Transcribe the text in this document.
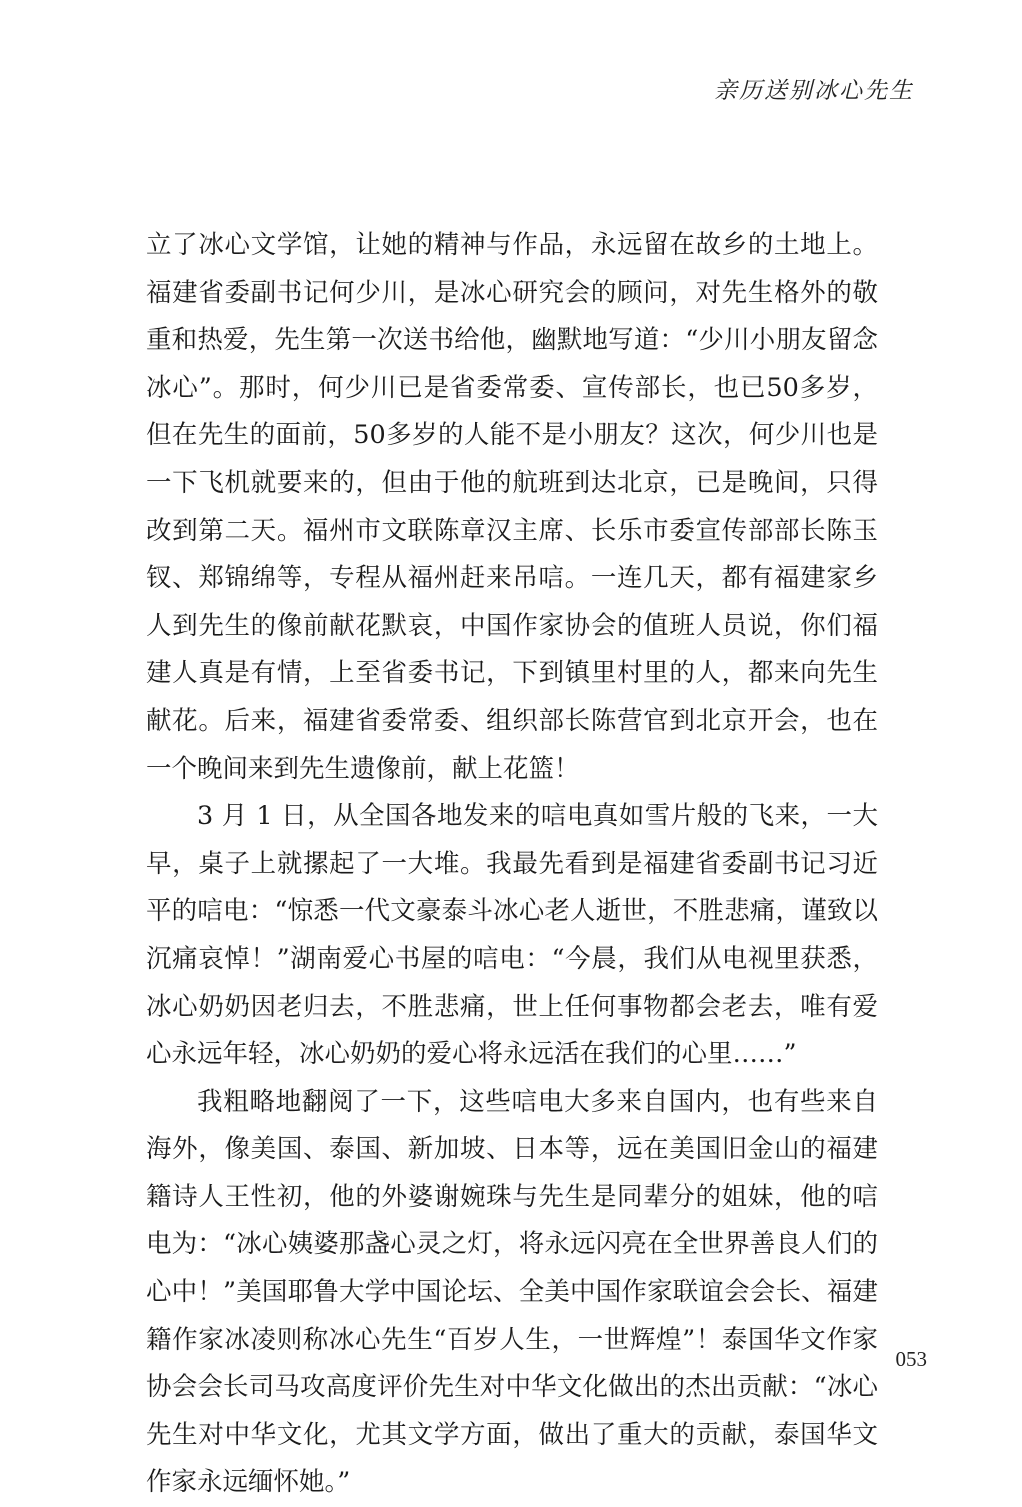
亲历送别冰心先生

立了冰心文学馆，让她的精神与作品，永远留在故乡的土地上。福建省委副书记何少川，是冰心研究会的顾问，对先生格外的敬重和热爱，先生第一次送书给他，幽默地写道：“少川小朋友留念冰心”。那时，何少川已是省委常委、宣传部长，也已50多岁，但在先生的面前，50多岁的人能不是小朋友？这次，何少川也是一下飞机就要来的，但由于他的航班到达北京，已是晚间，只得改到第二天。福州市文联陈章汉主席、长乐市委宣传部部长陈玉钗、郑锦绵等，专程从福州赶来吊唁。一连几天，都有福建家乡人到先生的像前献花默哀，中国作家协会的值班人员说，你们福建人真是有情，上至省委书记，下到镇里村里的人，都来向先生献花。后来，福建省委常委、组织部长陈营官到北京开会，也在一个晚间来到先生遗像前，献上花篮！

3 月 1 日，从全国各地发来的唁电真如雪片般的飞来，一大早，桌子上就摞起了一大堆。我最先看到是福建省委副书记习近平的唁电：“惊悉一代文豪泰斗冰心老人逝世，不胜悲痛，谨致以沉痛哀悼！”湖南爱心书屋的唁电：“今晨，我们从电视里获悉，冰心奶奶因老归去，不胜悲痛，世上任何事物都会老去，唯有爱心永远年轻，冰心奶奶的爱心将永远活在我们的心里……”

我粗略地翻阅了一下，这些唁电大多来自国内，也有些来自海外，像美国、泰国、新加坡、日本等，远在美国旧金山的福建籍诗人王性初，他的外婆谢婉珠与先生是同辈分的姐妹，他的唁电为：“冰心姨婆那盏心灵之灯，将永远闪亮在全世界善良人们的心中！”美国耶鲁大学中国论坛、全美中国作家联谊会会长、福建籍作家冰凌则称冰心先生“百岁人生，一世辉煌”！泰国华文作家协会会长司马攻高度评价先生对中华文化做出的杰出贡献：“冰心先生对中华文化，尤其文学方面，做出了重大的贡献，泰国华文作家永远缅怀她。”

053
